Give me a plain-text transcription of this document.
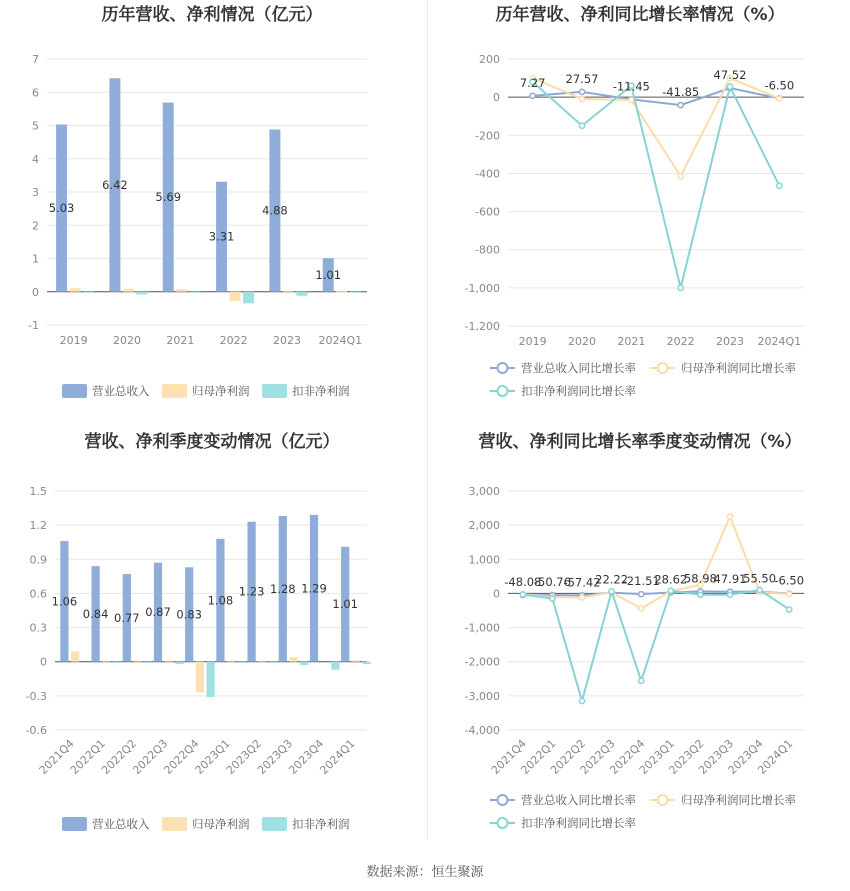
历年营收、净利情况（亿元）
-1
0
1
2
3
4
5
6
7
2019 2020 2021 2022 2023 2024Q1
5.03
6.42
5.69
3.31
4.88
1.01
营业总收入	归母净利润	扣非净利润
历年营收、净利同比增长率情况（%）
-1,200
-1,000
-800
-600
-400
-200
0
200
2019 2020 2021 2022 2023 2024Q1
7.27 27.57
-11.45 -41.85
47.52
-6.50
营业总收入同比增长率	归母净利润同比增长率
扣非净利润同比增长率
营收、净利季度变动情况（亿元）
-0.6
-0.3
0
0.3
0.6
0.9
1.2
1.5
2021Q4
2022Q1
2022Q2
2022Q3
2022Q4
2023Q1
2023Q2
2023Q3
2023Q4
2024Q1
1.06
0.84 0.77 0.87 0.83
1.08
1.23 1.28 1.29
1.01
营业总收入	归母净利润	扣非净利润
营收、净利同比增长率季度变动情况（%）
-4,000
-3,000
-2,000
-1,000
0
1,000
2,000
3,000
2021Q4
2022Q1
2022Q2
2022Q3
2022Q4
2023Q1
2023Q2
2023Q3
2023Q4
2024Q1
-48.08
-50.76
-57.42
22.22
-21.51
28.62
58.98
47.91
55.50
-6.50
营业总收入同比增长率	归母净利润同比增长率
扣非净利润同比增长率
数据来源：恒生聚源
